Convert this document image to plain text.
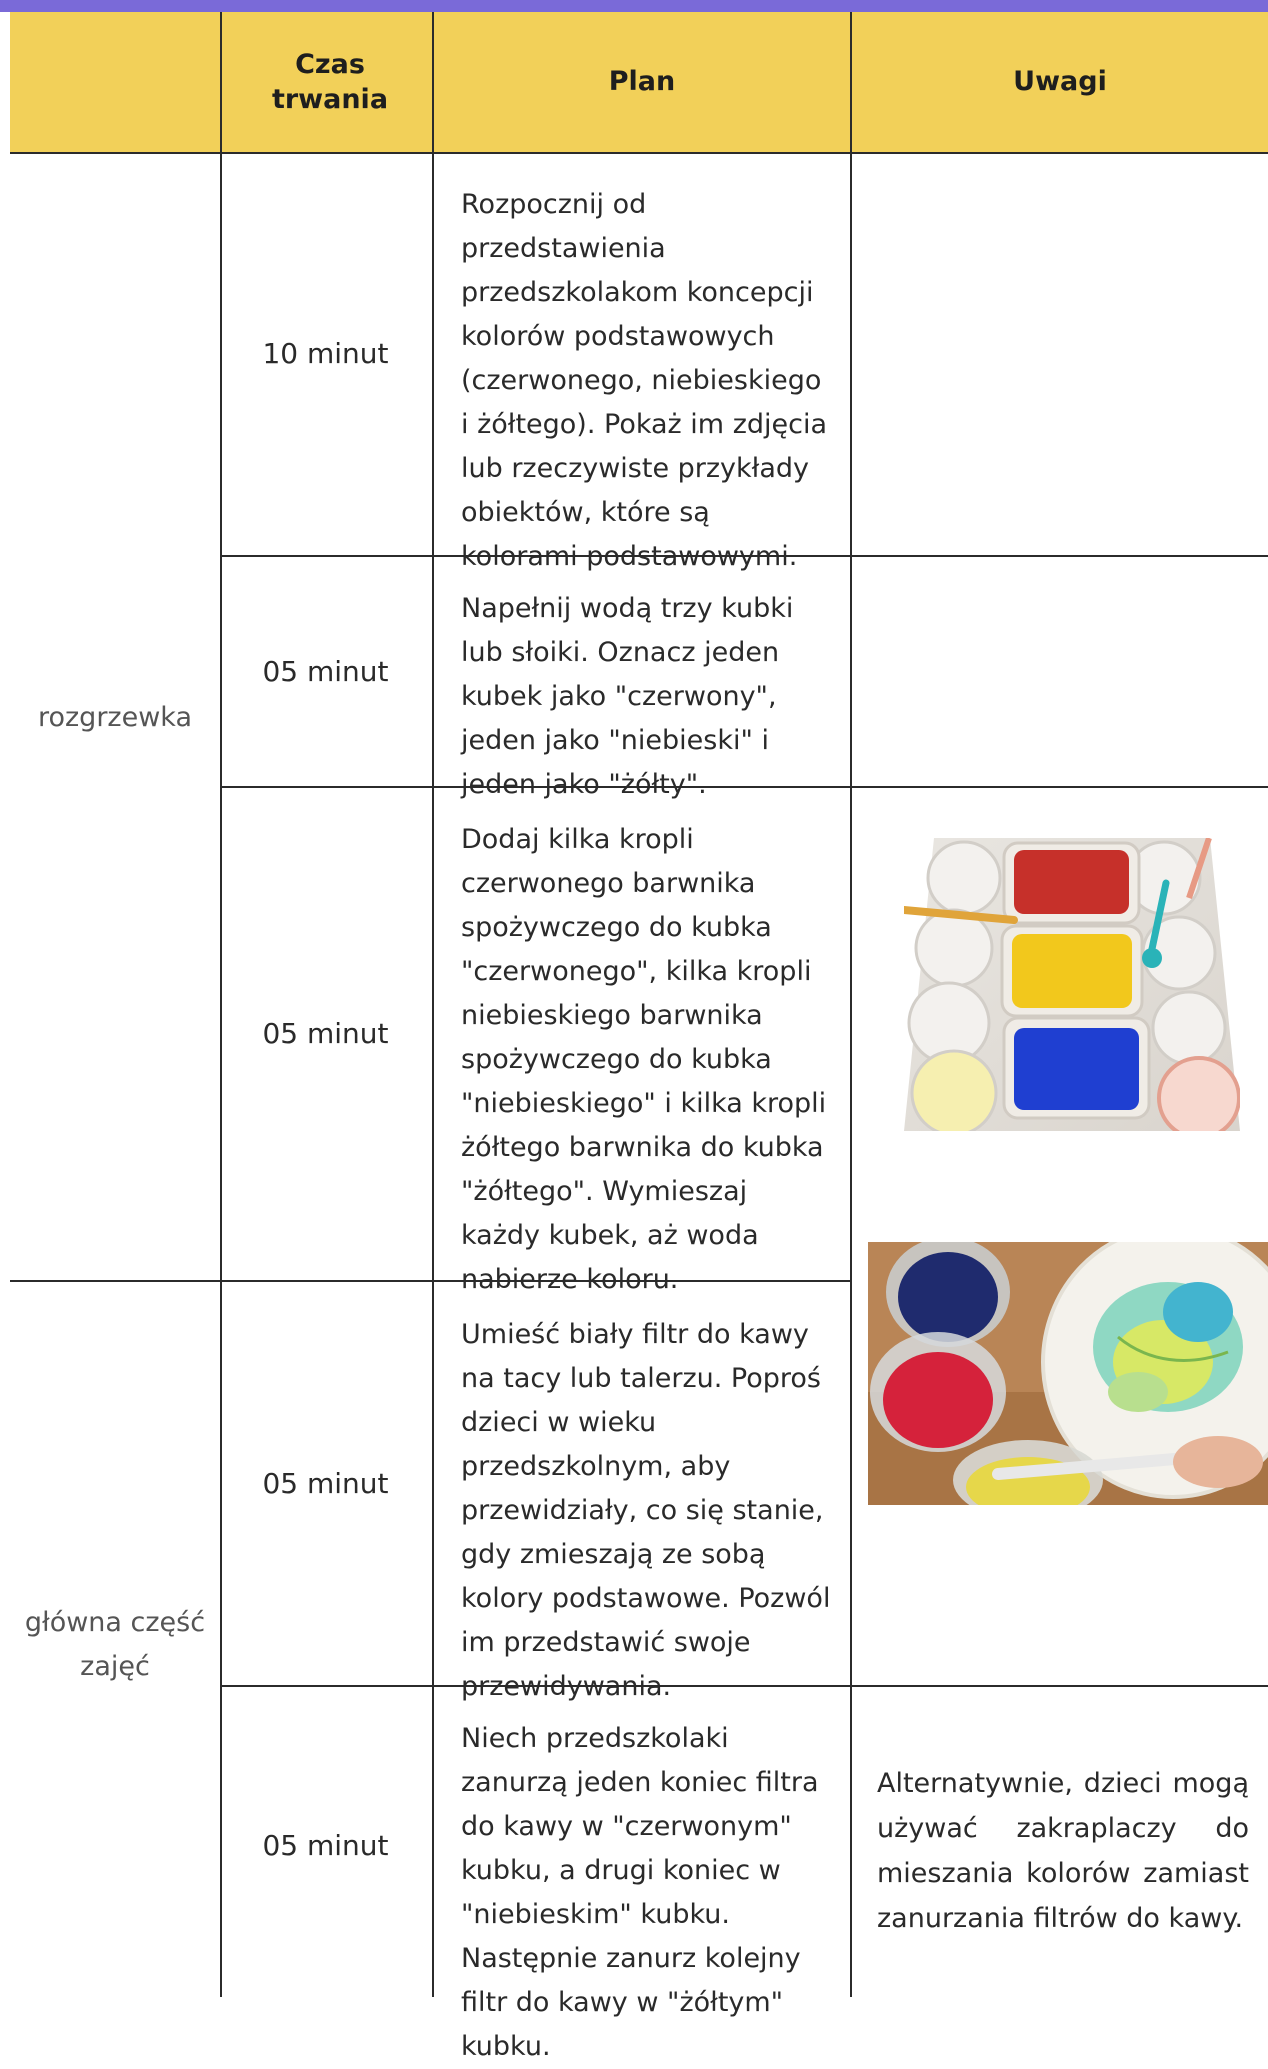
Czas trwania
Plan	Uwagi
rozgrzewka
główna część zajęć
10 minut
Rozpocznij od przedstawienia przedszkolakom koncepcji kolorów podstawowych (czerwonego, niebieskiego i żółtego). Pokaż im zdjęcia lub rzeczywiste przykłady obiektów, które są kolorami podstawowymi.
05 minut
Napełnij wodą trzy kubki lub słoiki. Oznacz jeden kubek jako "czerwony", jeden jako "niebieski" i jeden jako "żółty".
05 minut
Dodaj kilka kropli czerwonego barwnika spożywczego do kubka "czerwonego", kilka kropli niebieskiego barwnika spożywczego do kubka "niebieskiego" i kilka kropli żółtego barwnika do kubka "żółtego". Wymieszaj każdy kubek, aż woda nabierze koloru.
05 minut
Umieść biały filtr do kawy na tacy lub talerzu. Poproś dzieci w wieku przedszkolnym, aby przewidziały, co się stanie, gdy zmieszają ze sobą kolory podstawowe. Pozwól im przedstawić swoje przewidywania.
05 minut
Niech przedszkolaki zanurzą jeden koniec filtra do kawy w "czerwonym" kubku, a drugi koniec w "niebieskim" kubku. Następnie zanurz kolejny filtr do kawy w "żółtym" kubku.
Alternatywnie, dzieci mogą używać zakraplaczy do mieszania kolorów zamiast zanurzania filtrów do kawy.
